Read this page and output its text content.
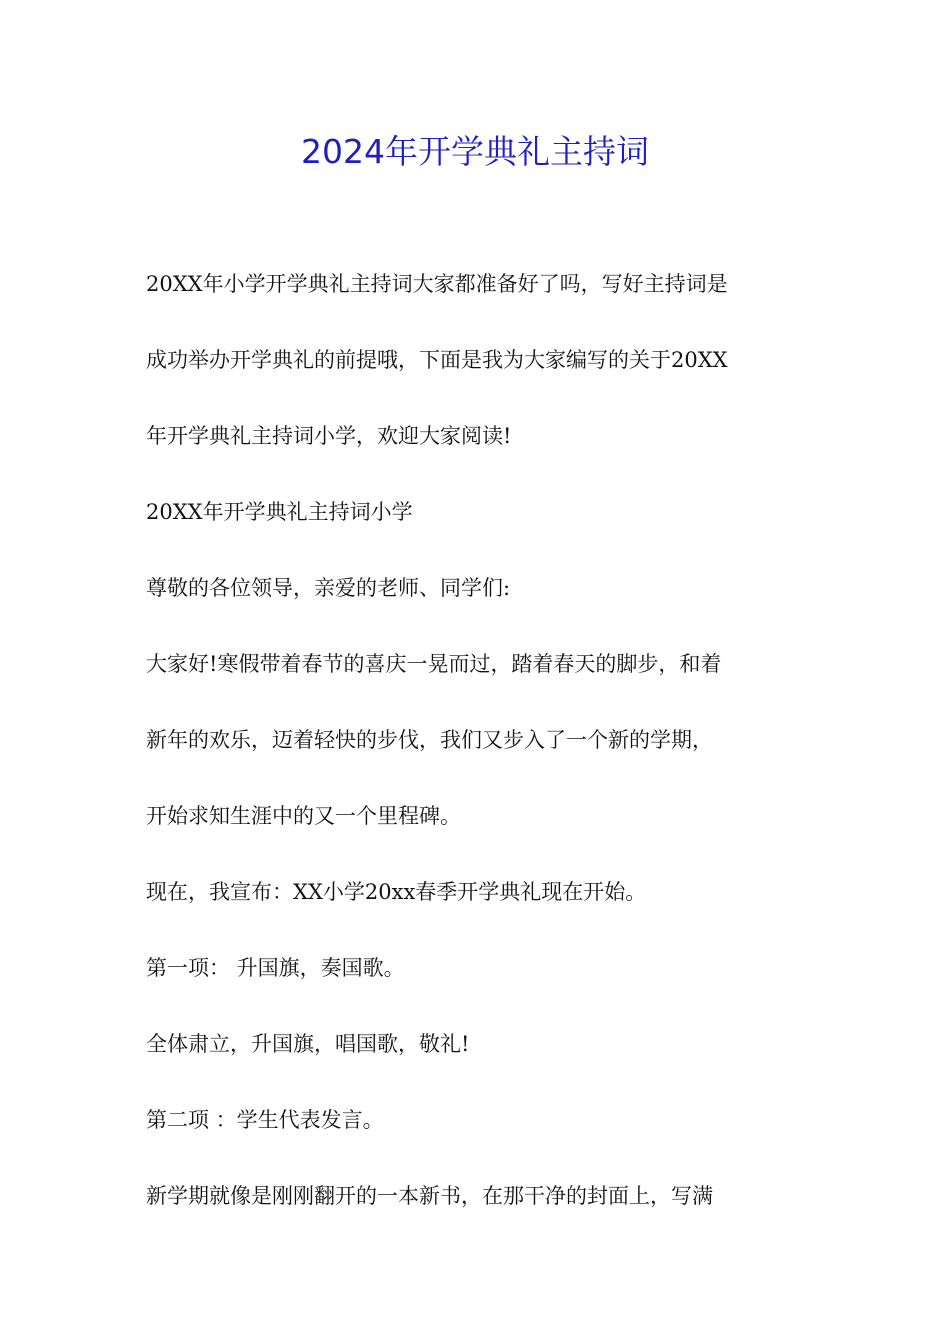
2024年开学典礼主持词
20XX年小学开学典礼主持词大家都准备好了吗，写好主持词是
成功举办开学典礼的前提哦，下面是我为大家编写的关于20XX
年开学典礼主持词小学，欢迎大家阅读!
20XX年开学典礼主持词小学
尊敬的各位领导，亲爱的老师、同学们:
大家好!寒假带着春节的喜庆一晃而过，踏着春天的脚步，和着
新年的欢乐，迈着轻快的步伐，我们又步入了一个新的学期，
开始求知生涯中的又一个里程碑。
现在，我宣布：XX小学20xx春季开学典礼现在开始。
第一项： 升国旗，奏国歌。
全体肃立，升国旗，唱国歌，敬礼!
第二项 ：学生代表发言。
新学期就像是刚刚翻开的一本新书，在那干净的封面上，写满
